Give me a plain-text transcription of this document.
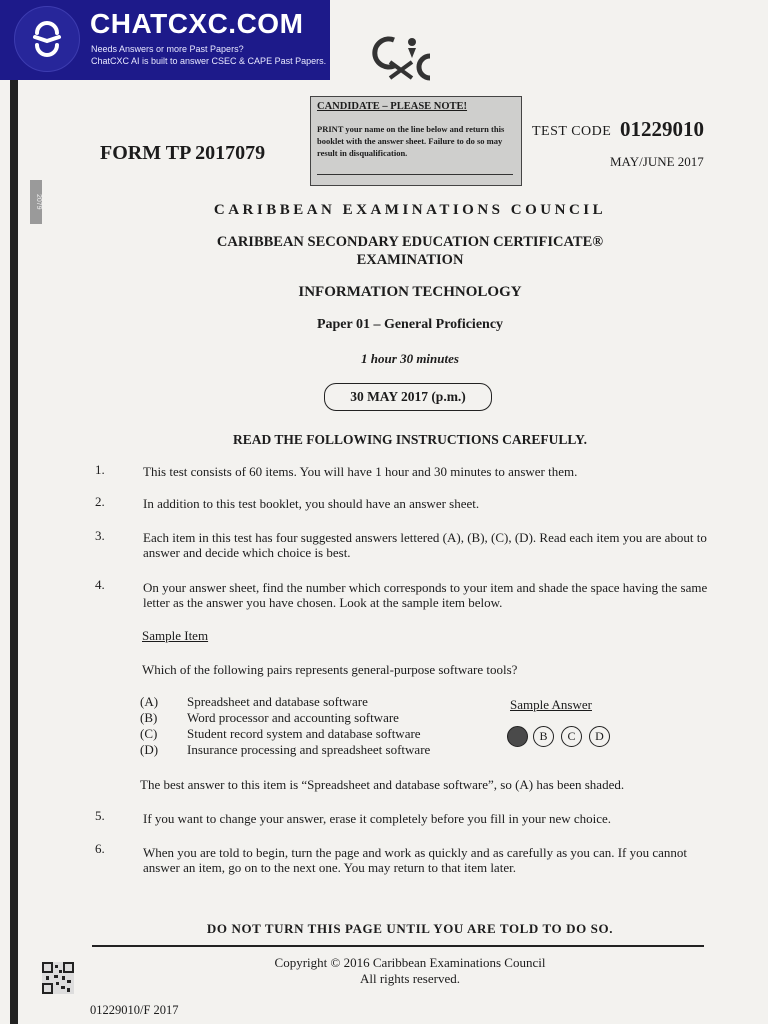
CHATCXC.COM
Needs Answers or more Past Papers?
ChatCXC AI is built to answer CSEC & CAPE Past Papers.
2079
CANDIDATE – PLEASE NOTE!
PRINT your name on the line below and return this booklet with the answer sheet. Failure to do so may result in disqualification.
FORM TP 2017079
TEST CODE 01229010
MAY/JUNE 2017
CARIBBEAN EXAMINATIONS COUNCIL
CARIBBEAN SECONDARY EDUCATION CERTIFICATE®
EXAMINATION
INFORMATION TECHNOLOGY
Paper 01 – General Proficiency
1 hour 30 minutes
30 MAY 2017 (p.m.)
READ THE FOLLOWING INSTRUCTIONS CAREFULLY.
1.	This test consists of 60 items. You will have 1 hour and 30 minutes to answer them.
2.	In addition to this test booklet, you should have an answer sheet.
3.	Each item in this test has four suggested answers lettered (A), (B), (C), (D). Read each item you are about to answer and decide which choice is best.
4.	On your answer sheet, find the number which corresponds to your item and shade the space having the same letter as the answer you have chosen. Look at the sample item below.
Sample Item
Which of the following pairs represents general-purpose software tools?
(A) Spreadsheet and database software
(B) Word processor and accounting software
(C) Student record system and database software
(D) Insurance processing and spreadsheet software
Sample Answer
B	C	D
The best answer to this item is “Spreadsheet and database software”, so (A) has been shaded.
5.	If you want to change your answer, erase it completely before you fill in your new choice.
6.	When you are told to begin, turn the page and work as quickly and as carefully as you can. If you cannot answer an item, go on to the next one. You may return to that item later.
DO NOT TURN THIS PAGE UNTIL YOU ARE TOLD TO DO SO.
Copyright © 2016 Caribbean Examinations Council
All rights reserved.
01229010/F 2017
